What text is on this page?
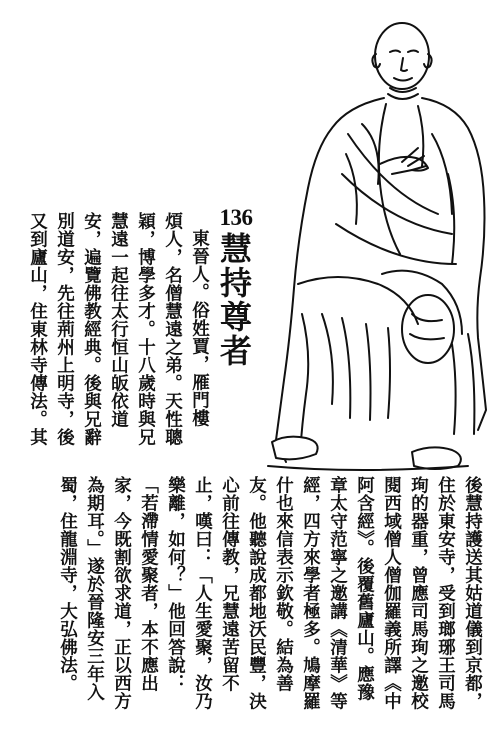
136
慧持尊者
東晉人。俗姓賈，雁門樓
煩人，名僧慧遠之弟。天性聰
穎，博學多才。十八歲時與兄
慧遠一起往太行恒山皈依道
安，遍覽佛教經典。後與兄辭
別道安，先往荊州上明寺，後
又到廬山，住東林寺傳法。其
後慧持護送其姑道儀到京都，
住於東安寺，受到瑯琊王司馬
珣的器重，曾應司馬珣之邀校
閱西域僧人僧伽羅義所譯《中
阿含經》。後覆舊廬山。應豫
章太守范寧之邀講《清華》等
經，四方來學者極多。鳩摩羅
什也來信表示欽敬。結為善
友。他聽說成都地沃民豐，決
心前往傳教，兄慧遠苦留不
止，嘆曰：「人生愛聚，汝乃
樂離，如何？」他回答說：
「若滯情愛聚者，本不應出
家，今既割欲求道，正以西方
為期耳。」遂於晉隆安三年入
蜀，住龍淵寺，大弘佛法。
